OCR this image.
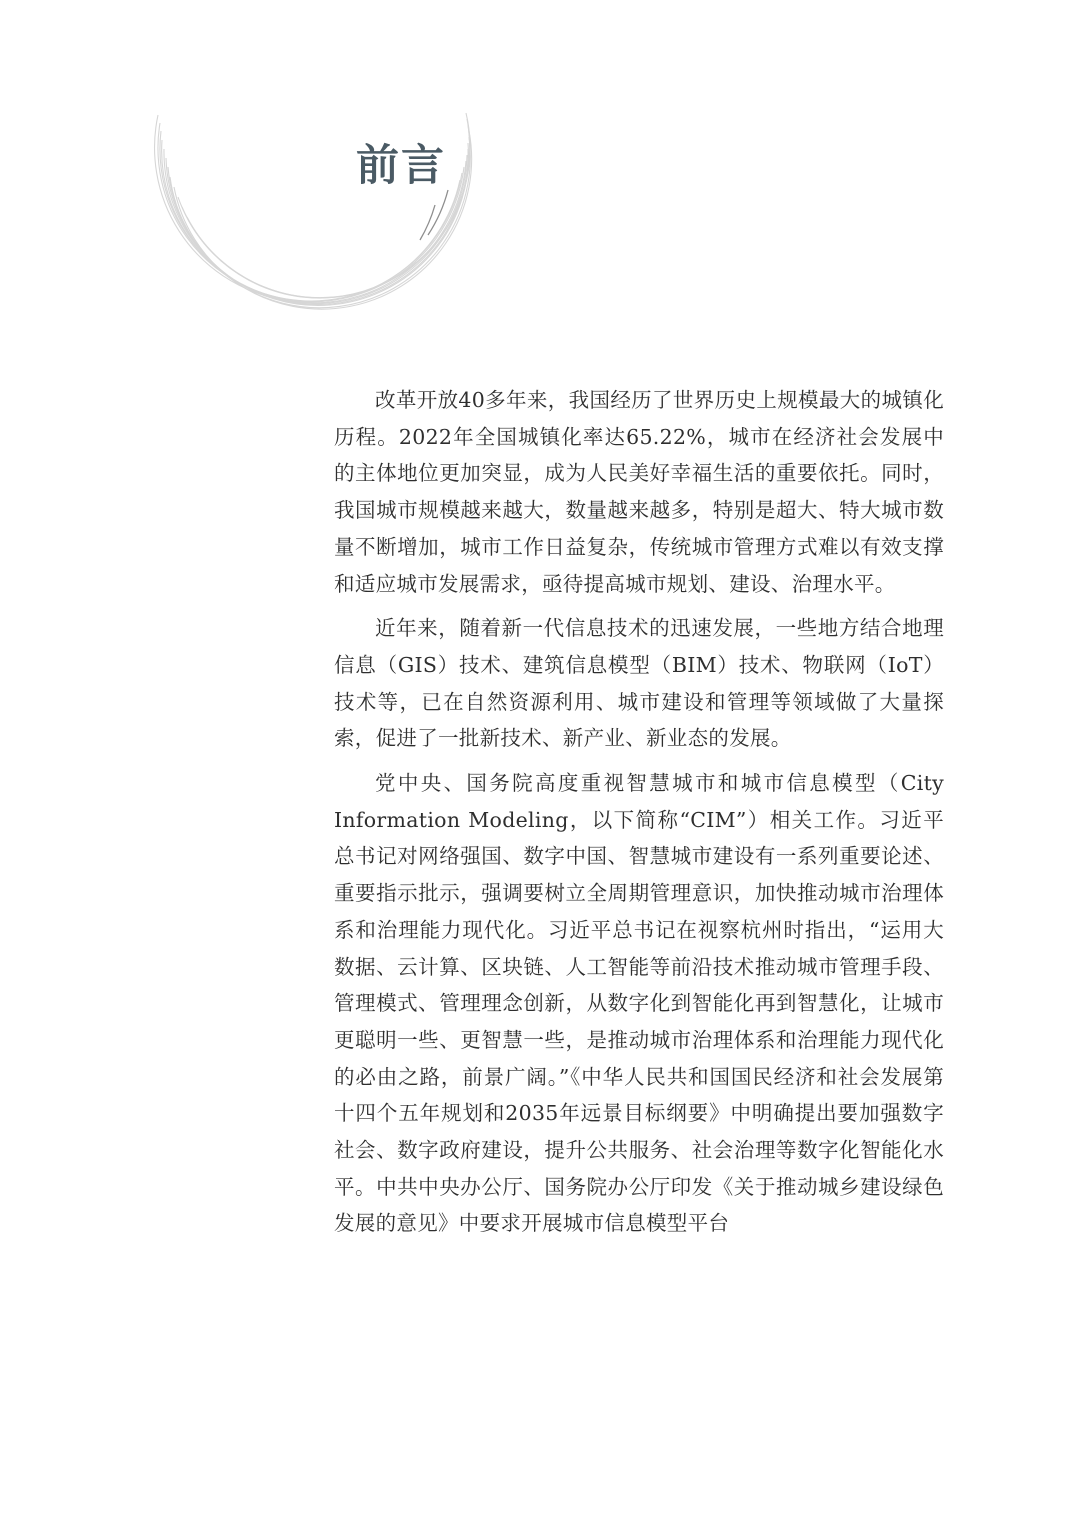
前言

改革开放40多年来，我国经历了世界历史上规模最大的城镇化历程。2022年全国城镇化率达65.22%，城市在经济社会发展中的主体地位更加突显，成为人民美好幸福生活的重要依托。同时，我国城市规模越来越大，数量越来越多，特别是超大、特大城市数量不断增加，城市工作日益复杂，传统城市管理方式难以有效支撑和适应城市发展需求，亟待提高城市规划、建设、治理水平。

近年来，随着新一代信息技术的迅速发展，一些地方结合地理信息（GIS）技术、建筑信息模型（BIM）技术、物联网（IoT）技术等，已在自然资源利用、城市建设和管理等领域做了大量探索，促进了一批新技术、新产业、新业态的发展。

党中央、国务院高度重视智慧城市和城市信息模型（City Information Modeling，以下简称“CIM”）相关工作。习近平总书记对网络强国、数字中国、智慧城市建设有一系列重要论述、重要指示批示，强调要树立全周期管理意识，加快推动城市治理体系和治理能力现代化。习近平总书记在视察杭州时指出，“运用大数据、云计算、区块链、人工智能等前沿技术推动城市管理手段、管理模式、管理理念创新，从数字化到智能化再到智慧化，让城市更聪明一些、更智慧一些，是推动城市治理体系和治理能力现代化的必由之路，前景广阔。”《中华人民共和国国民经济和社会发展第十四个五年规划和2035年远景目标纲要》中明确提出要加强数字社会、数字政府建设，提升公共服务、社会治理等数字化智能化水平。中共中央办公厅、国务院办公厅印发《关于推动城乡建设绿色发展的意见》中要求开展城市信息模型平台
